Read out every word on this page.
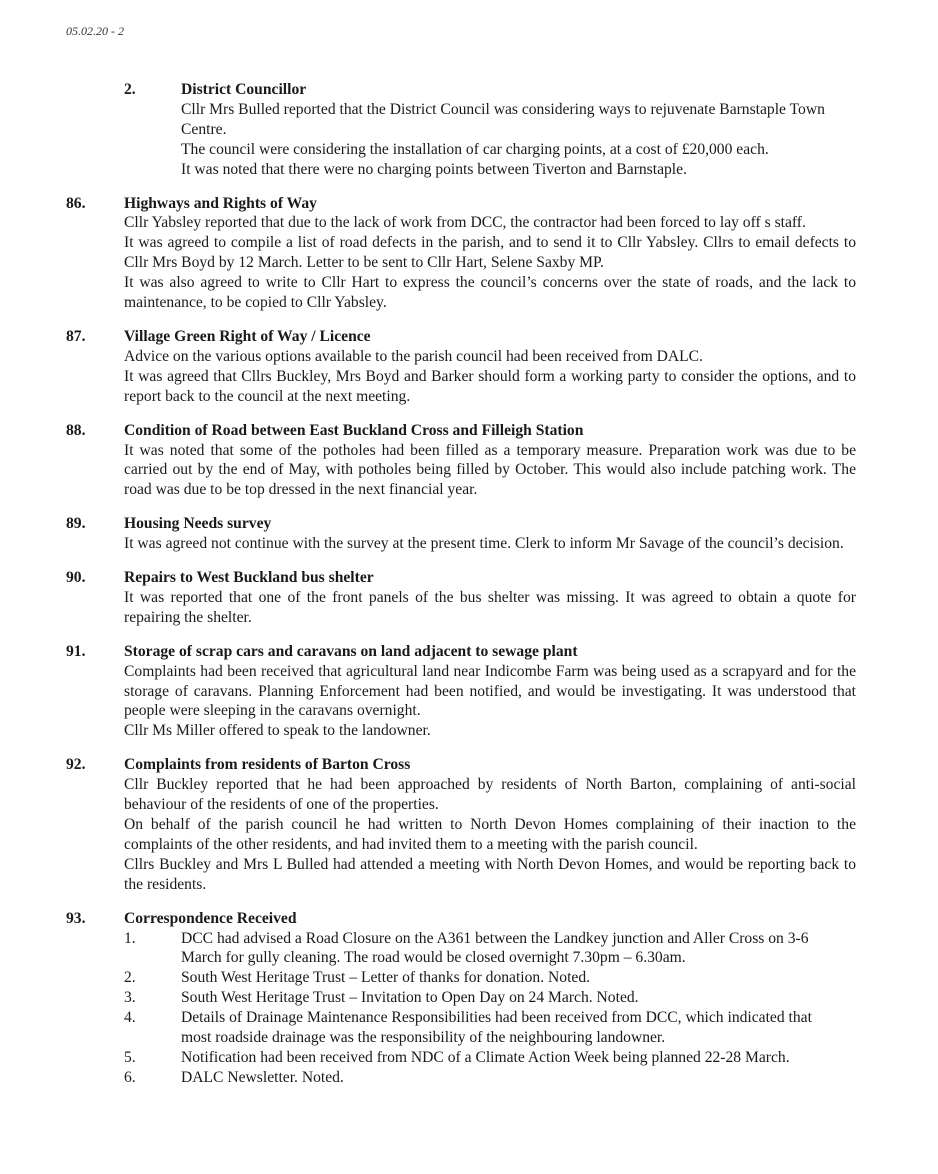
05.02.20 - 2
2.	District Councillor
Cllr Mrs Bulled reported that the District Council was considering ways to rejuvenate Barnstaple Town Centre.
The council were considering the installation of car charging points, at a cost of £20,000 each.
It was noted that there were no charging points between Tiverton and Barnstaple.
86. Highways and Rights of Way
Cllr Yabsley reported that due to the lack of work from DCC, the contractor had been forced to lay off s staff.
It was agreed to compile a list of road defects in the parish, and to send it to Cllr Yabsley. Cllrs to email defects to Cllr Mrs Boyd by 12 March. Letter to be sent to Cllr Hart, Selene Saxby MP.
It was also agreed to write to Cllr Hart to express the council’s concerns over the state of roads, and the lack to maintenance, to be copied to Cllr Yabsley.
87. Village Green Right of Way / Licence
Advice on the various options available to the parish council had been received from DALC.
It was agreed that Cllrs Buckley, Mrs Boyd and Barker should form a working party to consider the options, and to report back to the council at the next meeting.
88. Condition of Road between East Buckland Cross and Filleigh Station
It was noted that some of the potholes had been filled as a temporary measure. Preparation work was due to be carried out by the end of May, with potholes being filled by October. This would also include patching work. The road was due to be top dressed in the next financial year.
89. Housing Needs survey
It was agreed not continue with the survey at the present time. Clerk to inform Mr Savage of the council’s decision.
90. Repairs to West Buckland bus shelter
It was reported that one of the front panels of the bus shelter was missing. It was agreed to obtain a quote for repairing the shelter.
91. Storage of scrap cars and caravans on land adjacent to sewage plant
Complaints had been received that agricultural land near Indicombe Farm was being used as a scrapyard and for the storage of caravans. Planning Enforcement had been notified, and would be investigating. It was understood that people were sleeping in the caravans overnight.
Cllr Ms Miller offered to speak to the landowner.
92. Complaints from residents of Barton Cross
Cllr Buckley reported that he had been approached by residents of North Barton, complaining of anti-social behaviour of the residents of one of the properties.
On behalf of the parish council he had written to North Devon Homes complaining of their inaction to the complaints of the other residents, and had invited them to a meeting with the parish council.
Cllrs Buckley and Mrs L Bulled had attended a meeting with North Devon Homes, and would be reporting back to the residents.
93. Correspondence Received
1.	DCC had advised a Road Closure on the A361 between the Landkey junction and Aller Cross on 3-6 March for gully cleaning. The road would be closed overnight 7.30pm – 6.30am.
2.	South West Heritage Trust – Letter of thanks for donation. Noted.
3.	South West Heritage Trust – Invitation to Open Day on 24 March. Noted.
4.	Details of Drainage Maintenance Responsibilities had been received from DCC, which indicated that most roadside drainage was the responsibility of the neighbouring landowner.
5.	Notification had been received from NDC of a Climate Action Week being planned 22-28 March.
6.	DALC Newsletter. Noted.
